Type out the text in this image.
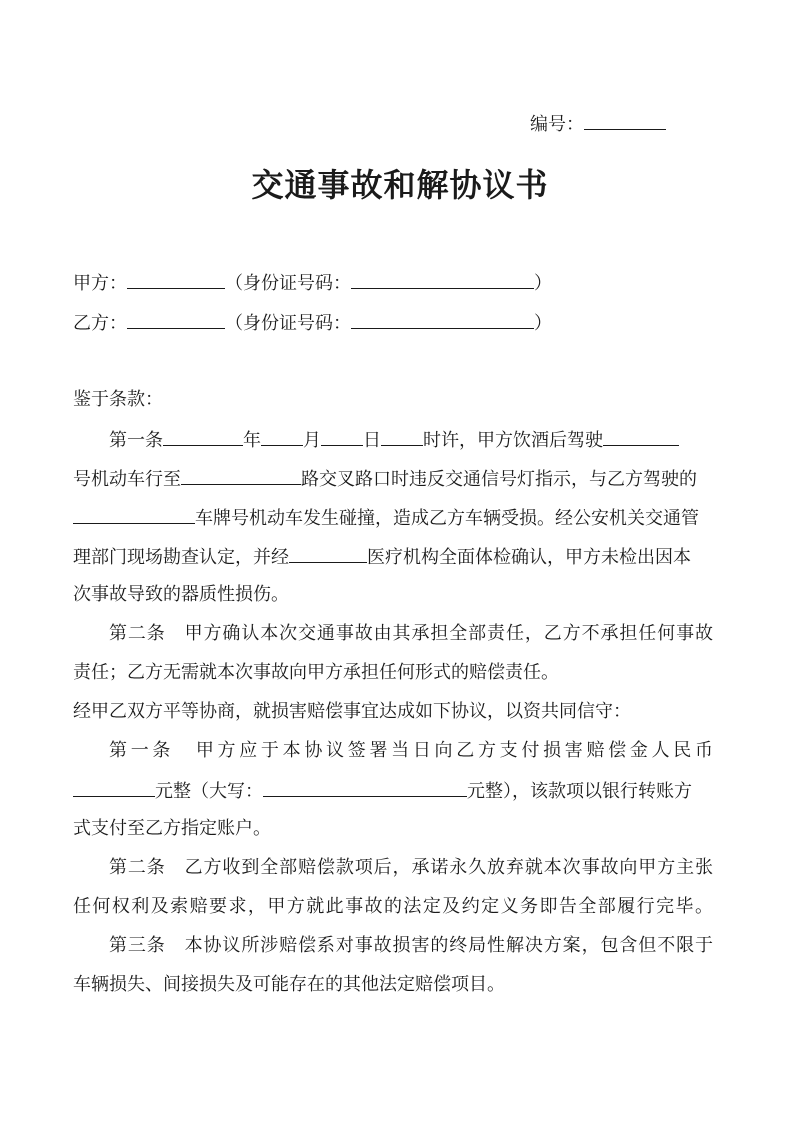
编号：
交通事故和解协议书
甲方：	（身份证号码：	）
乙方：	（身份证号码：	）
鉴于条款：
第一条	年 月 日 时许，甲方饮酒后驾驶
号机动车行至	路交叉路口时违反交通信号灯指示，与乙方驾驶的
车牌号机动车发生碰撞，造成乙方车辆受损。经公安机关交通管
理部门现场勘查认定，并经	医疗机构全面体检确认，甲方未检出因本
次事故导致的器质性损伤。
第二条　甲方确认本次交通事故由其承担全部责任，乙方不承担任何事故
责任；乙方无需就本次事故向甲方承担任何形式的赔偿责任。
经甲乙双方平等协商，就损害赔偿事宜达成如下协议，以资共同信守：
第一条　甲方应于本协议签署当日向乙方支付损害赔偿金人民币
元整（大写：	元整），该款项以银行转账方
式支付至乙方指定账户。
第二条　乙方收到全部赔偿款项后，承诺永久放弃就本次事故向甲方主张
任何权利及索赔要求，甲方就此事故的法定及约定义务即告全部履行完毕。
第三条　本协议所涉赔偿系对事故损害的终局性解决方案，包含但不限于
车辆损失、间接损失及可能存在的其他法定赔偿项目。
